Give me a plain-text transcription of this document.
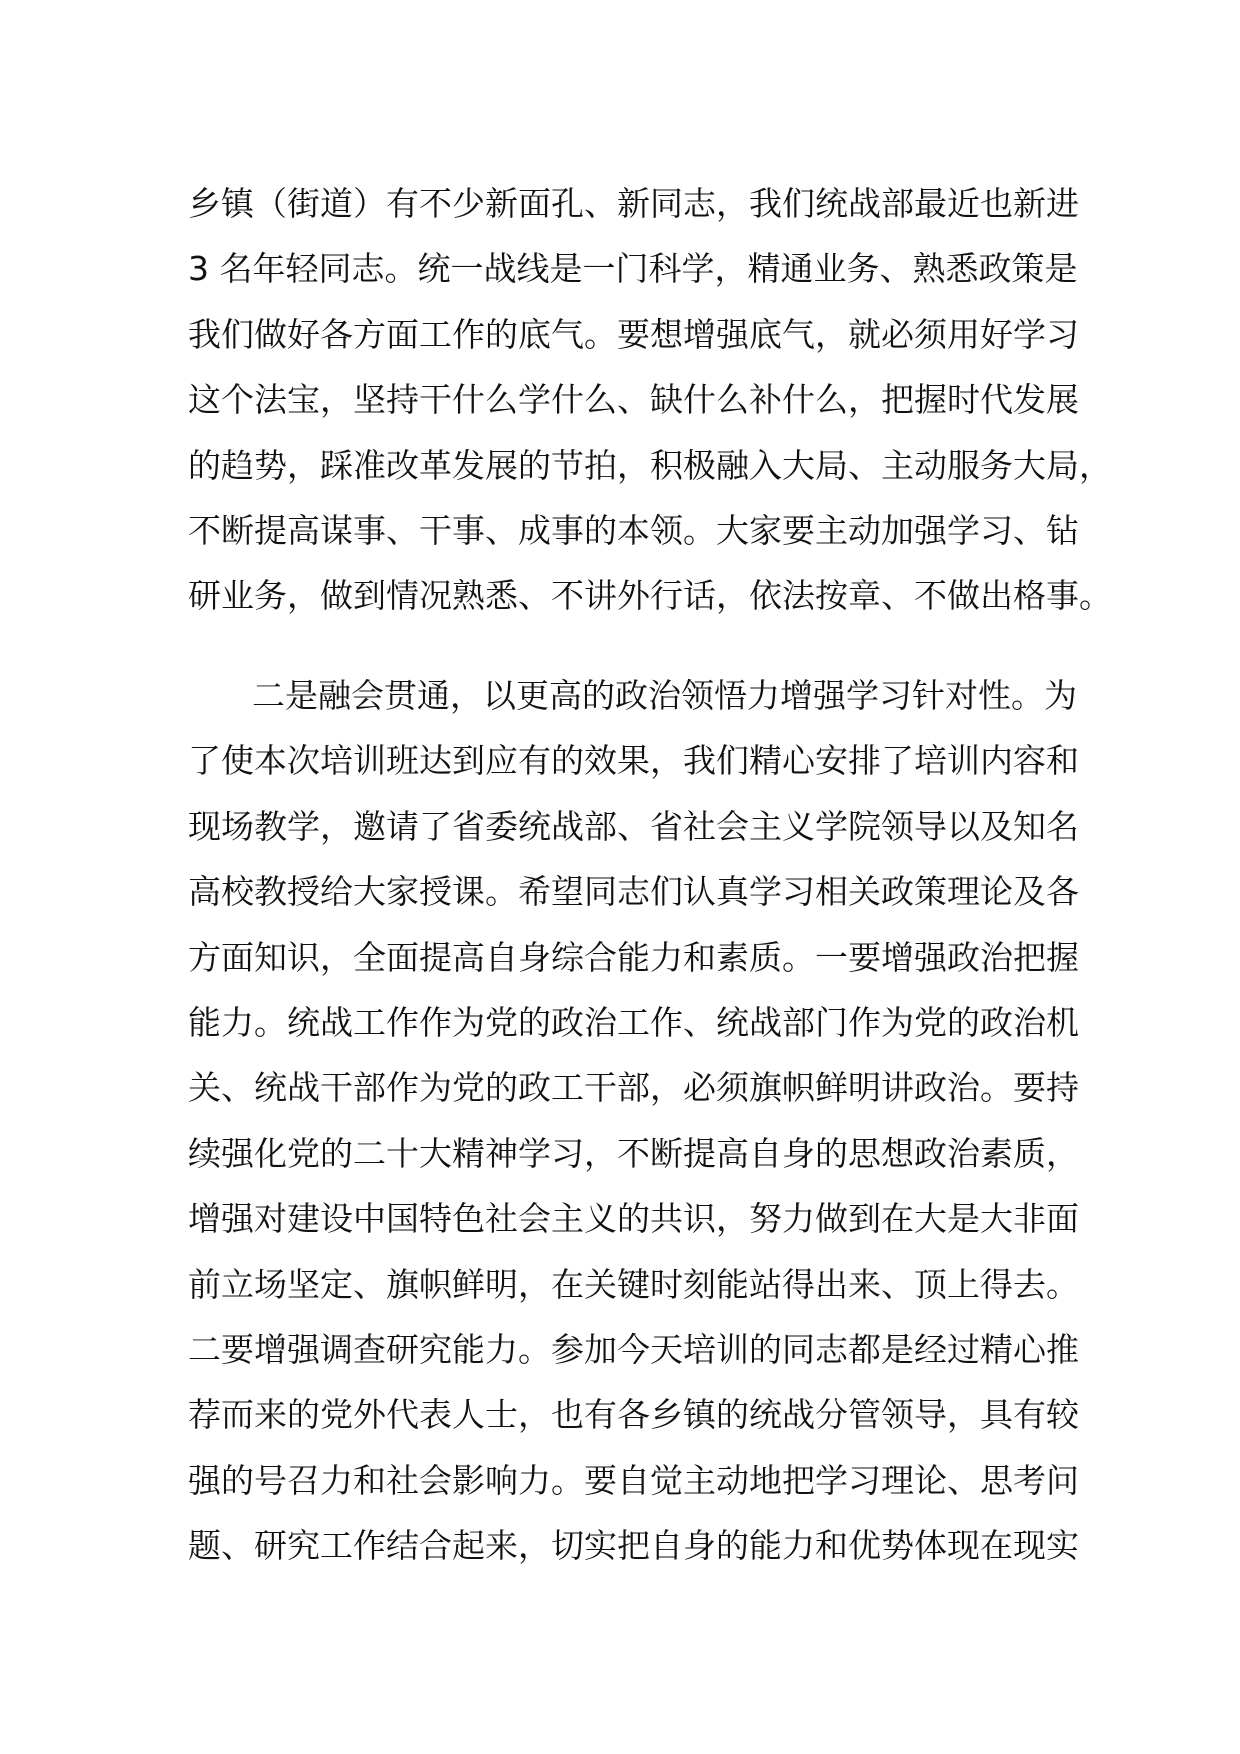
乡镇（街道）有不少新面孔、新同志，我们统战部最近也新进
3 名年轻同志。统一战线是一门科学，精通业务、熟悉政策是
我们做好各方面工作的底气。要想增强底气，就必须用好学习
这个法宝，坚持干什么学什么、缺什么补什么，把握时代发展
的趋势，踩准改革发展的节拍，积极融入大局、主动服务大局，
不断提高谋事、干事、成事的本领。大家要主动加强学习、钻
研业务，做到情况熟悉、不讲外行话，依法按章、不做出格事。
二是融会贯通，以更高的政治领悟力增强学习针对性。为
了使本次培训班达到应有的效果，我们精心安排了培训内容和
现场教学，邀请了省委统战部、省社会主义学院领导以及知名
高校教授给大家授课。希望同志们认真学习相关政策理论及各
方面知识，全面提高自身综合能力和素质。一要增强政治把握
能力。统战工作作为党的政治工作、统战部门作为党的政治机
关、统战干部作为党的政工干部，必须旗帜鲜明讲政治。要持
续强化党的二十大精神学习，不断提高自身的思想政治素质，
增强对建设中国特色社会主义的共识，努力做到在大是大非面
前立场坚定、旗帜鲜明，在关键时刻能站得出来、顶上得去。
二要增强调查研究能力。参加今天培训的同志都是经过精心推
荐而来的党外代表人士，也有各乡镇的统战分管领导，具有较
强的号召力和社会影响力。要自觉主动地把学习理论、思考问
题、研究工作结合起来，切实把自身的能力和优势体现在现实
